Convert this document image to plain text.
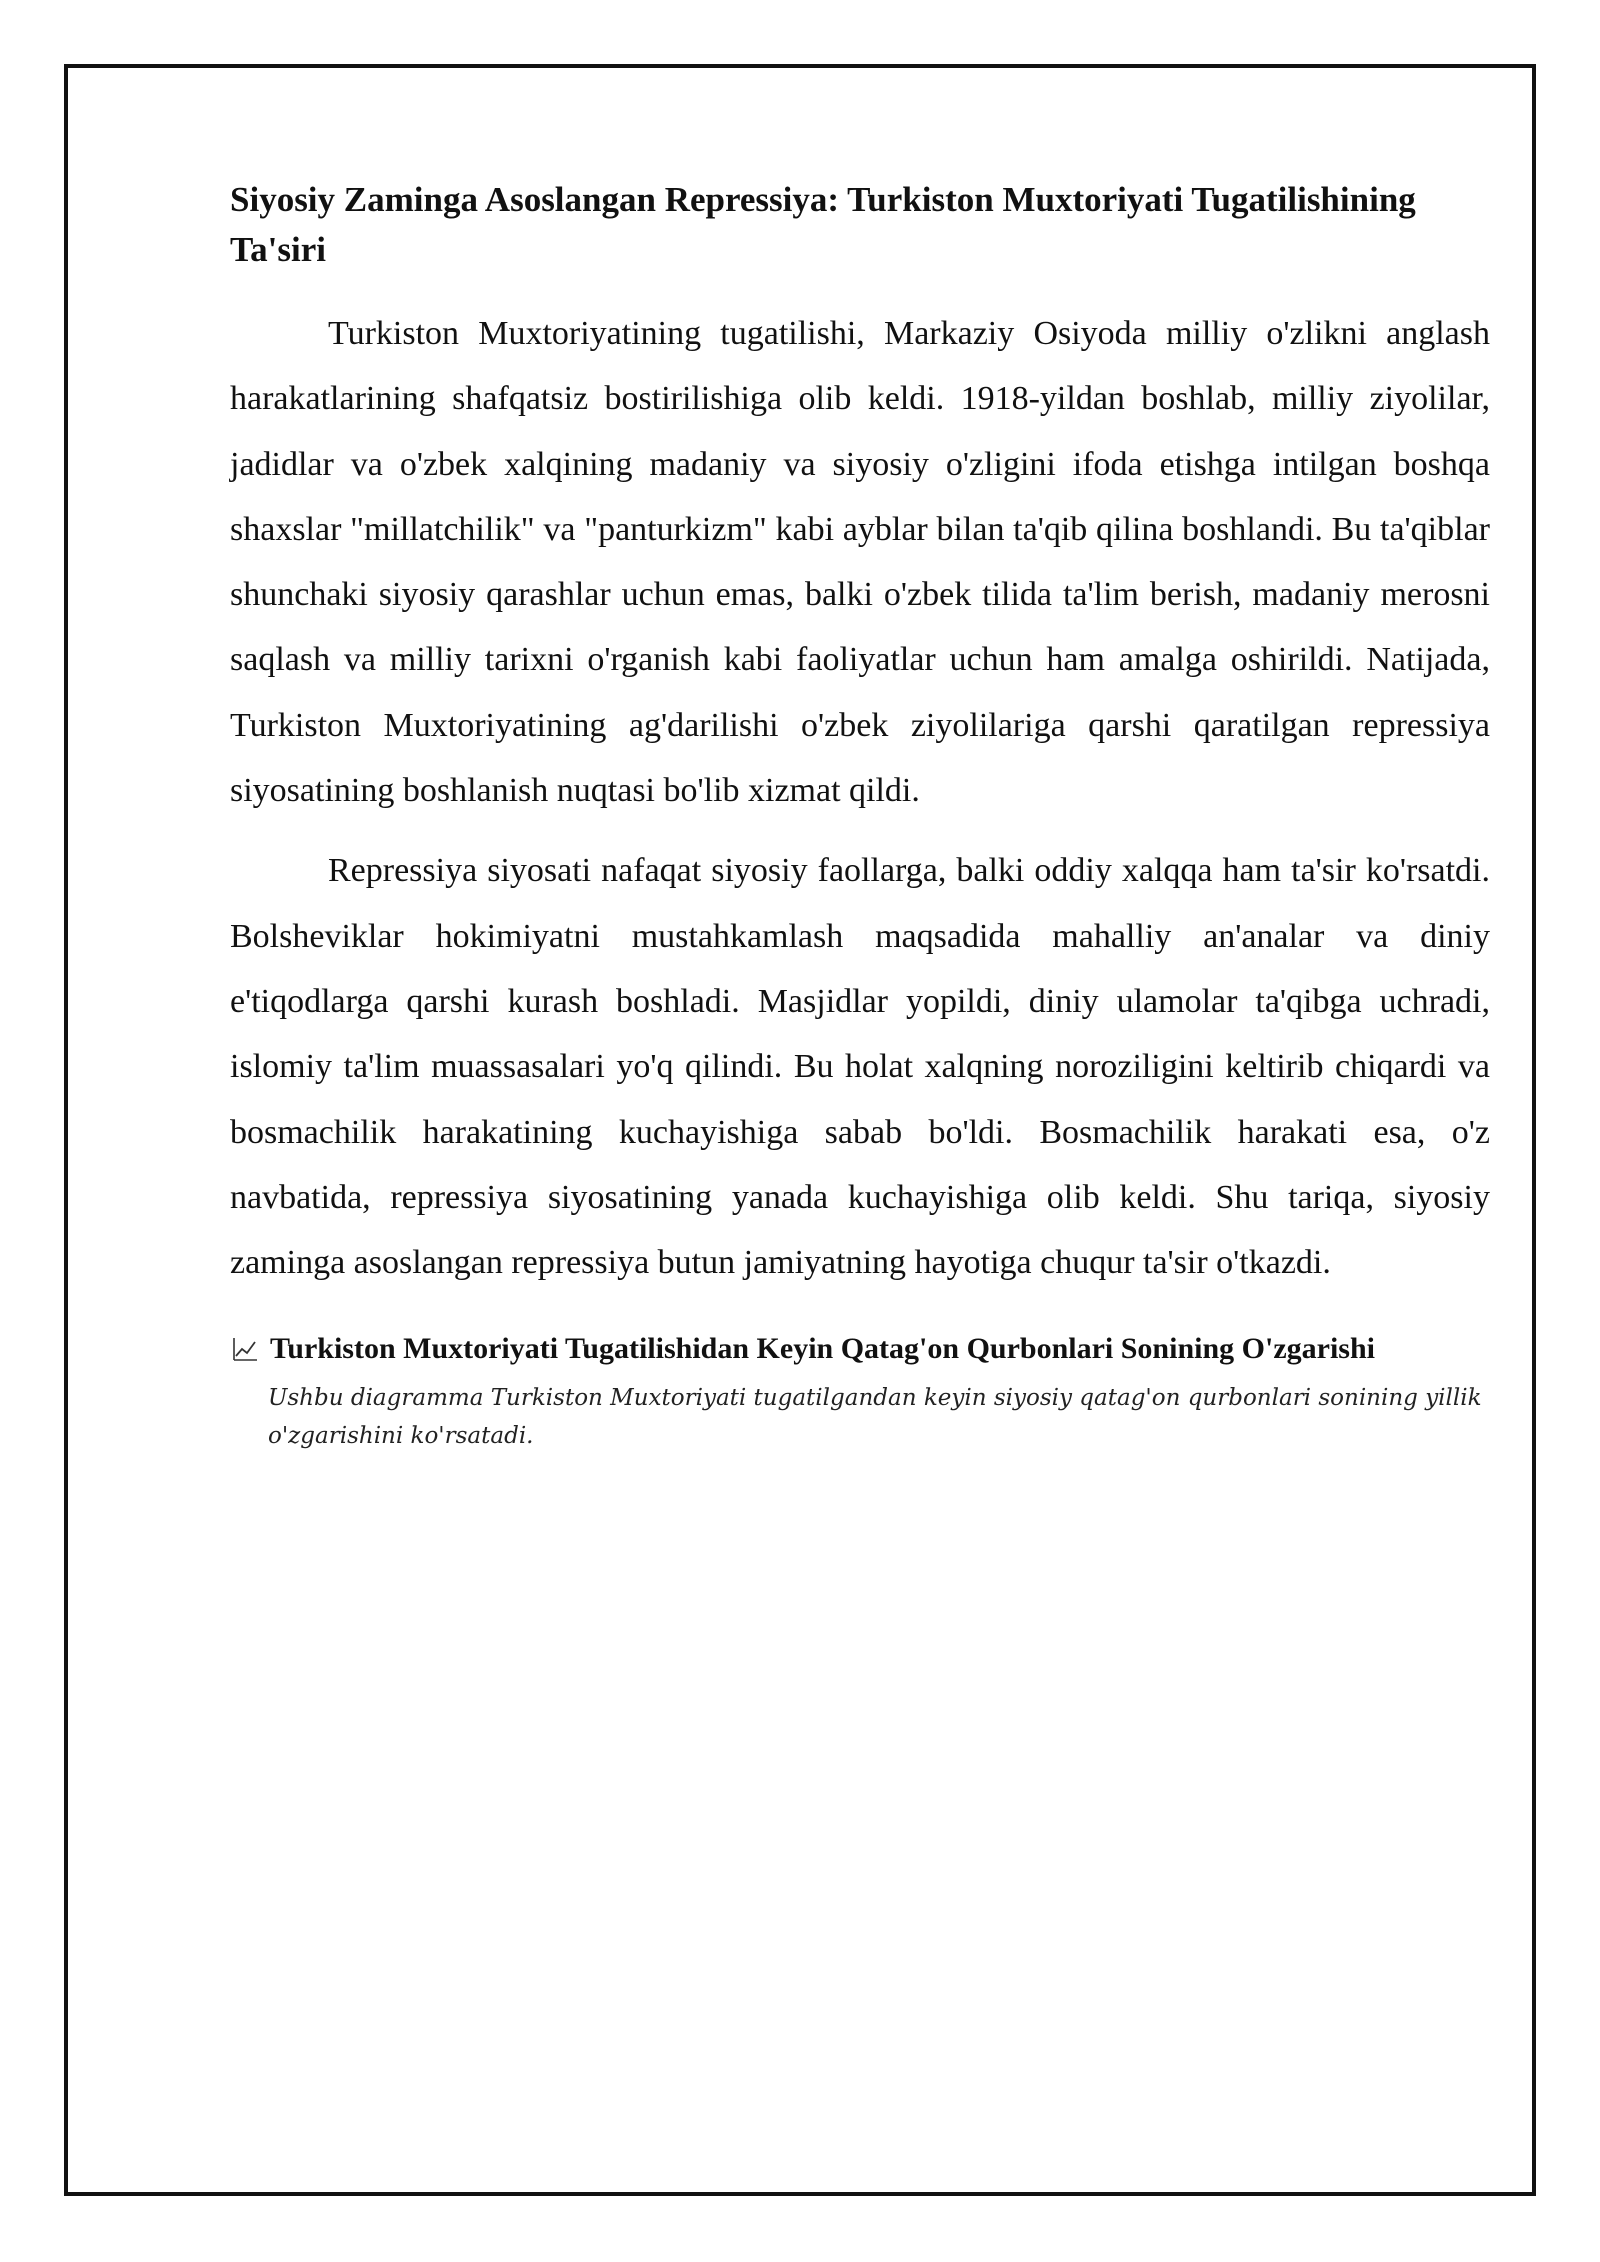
Siyosiy Zaminga Asoslangan Repressiya: Turkiston Muxtoriyati Tugatilishining Ta'siri

Turkiston Muxtoriyatining tugatilishi, Markaziy Osiyoda milliy o'zlikni anglash harakatlarining shafqatsiz bostirilishiga olib keldi. 1918-yildan boshlab, milliy ziyolilar, jadidlar va o'zbek xalqining madaniy va siyosiy o'zligini ifoda etishga intilgan boshqa shaxslar "millatchilik" va "panturkizm" kabi ayblar bilan ta'qib qilina boshlandi. Bu ta'qiblar shunchaki siyosiy qarashlar uchun emas, balki o'zbek tilida ta'lim berish, madaniy merosni saqlash va milliy tarixni o'rganish kabi faoliyatlar uchun ham amalga oshirildi. Natijada, Turkiston Muxtoriyatining ag'darilishi o'zbek ziyolilariga qarshi qaratilgan repressiya siyosatining boshlanish nuqtasi bo'lib xizmat qildi.

Repressiya siyosati nafaqat siyosiy faollarga, balki oddiy xalqqa ham ta'sir ko'rsatdi. Bolsheviklar hokimiyatni mustahkamlash maqsadida mahalliy an'analar va diniy e'tiqodlarga qarshi kurash boshladi. Masjidlar yopildi, diniy ulamolar ta'qibga uchradi, islomiy ta'lim muassasalari yo'q qilindi. Bu holat xalqning noroziligini keltirib chiqardi va bosmachilik harakatining kuchayishiga sabab bo'ldi. Bosmachilik harakati esa, o'z navbatida, repressiya siyosatining yanada kuchayishiga olib keldi. Shu tariqa, siyosiy zaminga asoslangan repressiya butun jamiyatning hayotiga chuqur ta'sir o'tkazdi.

Turkiston Muxtoriyati Tugatilishidan Keyin Qatag'on Qurbonlari Sonining O'zgarishi
Ushbu diagramma Turkiston Muxtoriyati tugatilgandan keyin siyosiy qatag'on qurbonlari sonining yillik o'zgarishini ko'rsatadi.
